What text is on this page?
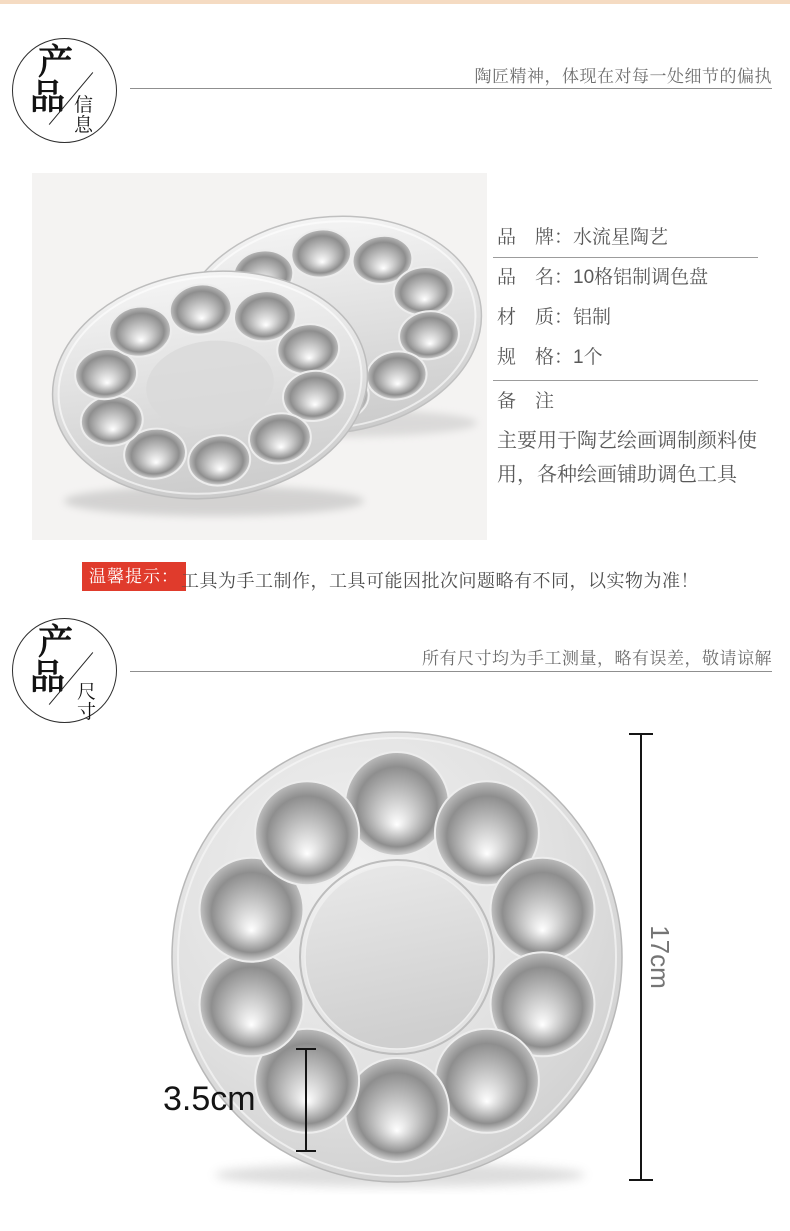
产
品 信
息
陶匠精神，体现在对每一处细节的偏执
品　牌：水流星陶艺
品　名：10格铝制调色盘
材　质：铝制
规　格：1个
备　注
主要用于陶艺绘画调制颜料使用，各种绘画铺助调色工具
温馨提示： 工具为手工制作，工具可能因批次问题略有不同，以实物为准！
产
品 尺
寸
所有尺寸均为手工测量，略有误差，敬请谅解
17cm
3.5cm
